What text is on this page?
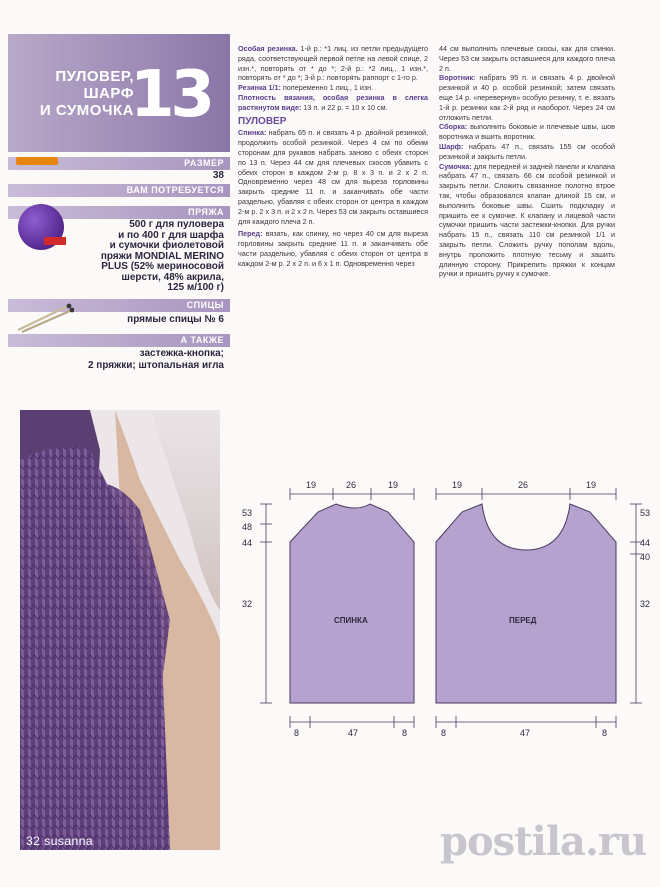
ПУЛОВЕР,
ШАРФ
И СУМОЧКА
13
РАЗМЕР
38
ВАМ ПОТРЕБУЕТСЯ
ПРЯЖА
500 г для пуловера
и по 400 г для шарфа
и сумочки фиолетовой
пряжи MONDIAL MERINO
PLUS (52% мериносовой
шерсти, 48% акрила,
125 м/100 г)
СПИЦЫ
прямые спицы № 6
А ТАКЖЕ
застежка-кнопка;
2 пряжки; штопальная игла
32 susanna
Особая резинка. 1-й р.: *1 лиц. из петли предыдущего ряда, соответствующей первой петле на левой спице, 2 изн.*, повторять от * до *; 2-й р.: *2 лиц., 1 изн.*, повторять от * до *; 3-й р.: повторять раппорт с 1-го р.
Резинка 1/1: попеременно 1 лиц., 1 изн.
Плотность вязания, особая резинка в слегка растянутом виде: 13 п. и 22 р. = 10 х 10 см.
ПУЛОВЕР
Спинка: набрать 65 п. и связать 4 р. двойной резинкой, продолжить особой резинкой. Через 4 см по обеим сторонам для рукавов набрать заново с обеих сторон по 13 п. Через 44 см для плечевых скосов убавить с обеих сторон в каждом 2-м р. 8 х 3 п. и 2 х 2 п. Одновременно через 48 см для выреза горловины закрыть средние 11 п. и заканчивать обе части раздельно, убавляя с обеих сторон от центра в каждом 2-м р. 2 х 3 п. и 2 х 2 п. Через 53 см закрыть оставшиеся для каждого плеча 2 п.
Перед: вязать, как спинку, но через 40 см для выреза горловины закрыть средние 11 п. и заканчивать обе части раздельно, убавляя с обеих сторон от центра в каждом 2-м р. 2 х 2 п. и 6 х 1 п. Одновременно через
44 см выполнить плечевые скосы, как для спинки. Через 53 см закрыть оставшиеся для каждого плеча 2 п.
Воротник: набрать 95 п. и связать 4 р. двойной резинкой и 40 р. особой резинкой; затем связать еще 14 р. «перевернув» особую резинку, т. е. вязать 1-й р. резинки как 2-й ряд и наоборот. Через 24 см отложить петли.
Сборка: выполнить боковые и плечевые швы, шов воротника и вшить воротник.
Шарф: набрать 47 п., связать 155 см особой резинкой и закрыть петли.
Сумочка: для передней и задней панели и клапана набрать 47 п., связать 66 см особой резинкой и закрыть петли. Сложить связанное полотно втрое так, чтобы образовался клапан длиной 15 см, и выполнить боковые швы. Сшить подкладку и пришить ее к сумочке. К клапану и лицевой части сумочки пришить части застежки-кнопки. Для ручки набрать 15 п., связать 110 см резинкой 1/1 и закрыть петли. Сложить ручку пополам вдоль, внутрь проложить плотную тесьму и зашить длинную сторону. Прикрепить пряжки к концам ручки и пришить ручку к сумочке.
19	26	19	19	26	19
8	47	8	8	47	8
53
48
44
32
53
44
40
32
СПИНКА	ПЕРЕД
postila.ru
